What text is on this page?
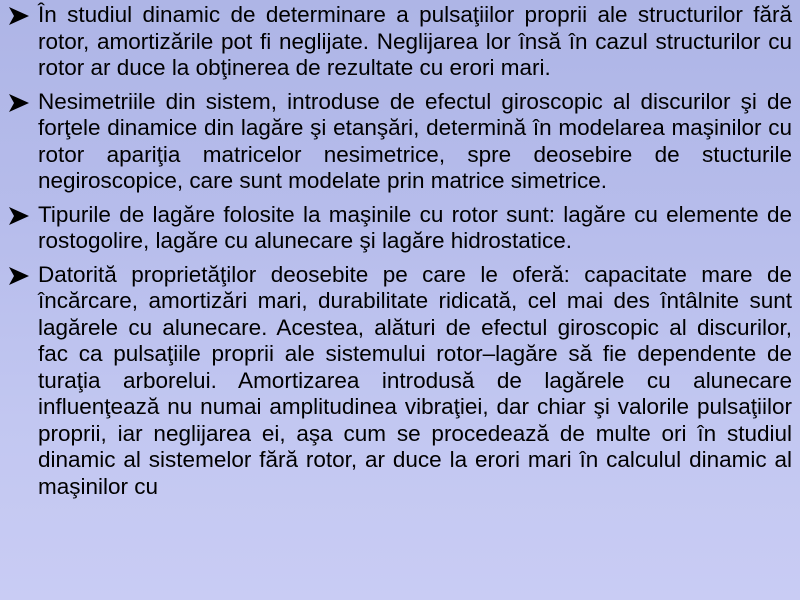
În studiul dinamic de determinare a pulsaţiilor proprii ale structurilor fără rotor, amortizările pot fi neglijate. Neglijarea lor însă în cazul structurilor cu rotor ar duce la obţinerea de rezultate cu erori mari.
Nesimetriile din sistem, introduse de efectul giroscopic al discurilor şi de forţele dinamice din lagăre şi etanşări, determină în modelarea maşinilor cu rotor apariţia matricelor nesimetrice, spre deosebire de stucturile negiroscopice, care sunt modelate prin matrice simetrice.
Tipurile de lagăre folosite la maşinile cu rotor sunt: lagăre cu elemente de rostogolire, lagăre cu alunecare şi lagăre hidrostatice.
Datorită proprietăţilor deosebite pe care le oferă: capacitate mare de încărcare, amortizări mari, durabilitate ridicată, cel mai des întâlnite sunt lagărele cu alunecare. Acestea, alături de efectul giroscopic al discurilor, fac ca pulsaţiile proprii ale sistemului rotor–lagăre să fie dependente de turaţia arborelui. Amortizarea introdusă de lagărele cu alunecare influenţează nu numai amplitudinea vibraţiei, dar chiar şi valorile pulsaţiilor proprii, iar neglijarea ei, aşa cum se procedează de multe ori în studiul dinamic al sistemelor fără rotor, ar duce la erori mari în calculul dinamic al maşinilor cu
